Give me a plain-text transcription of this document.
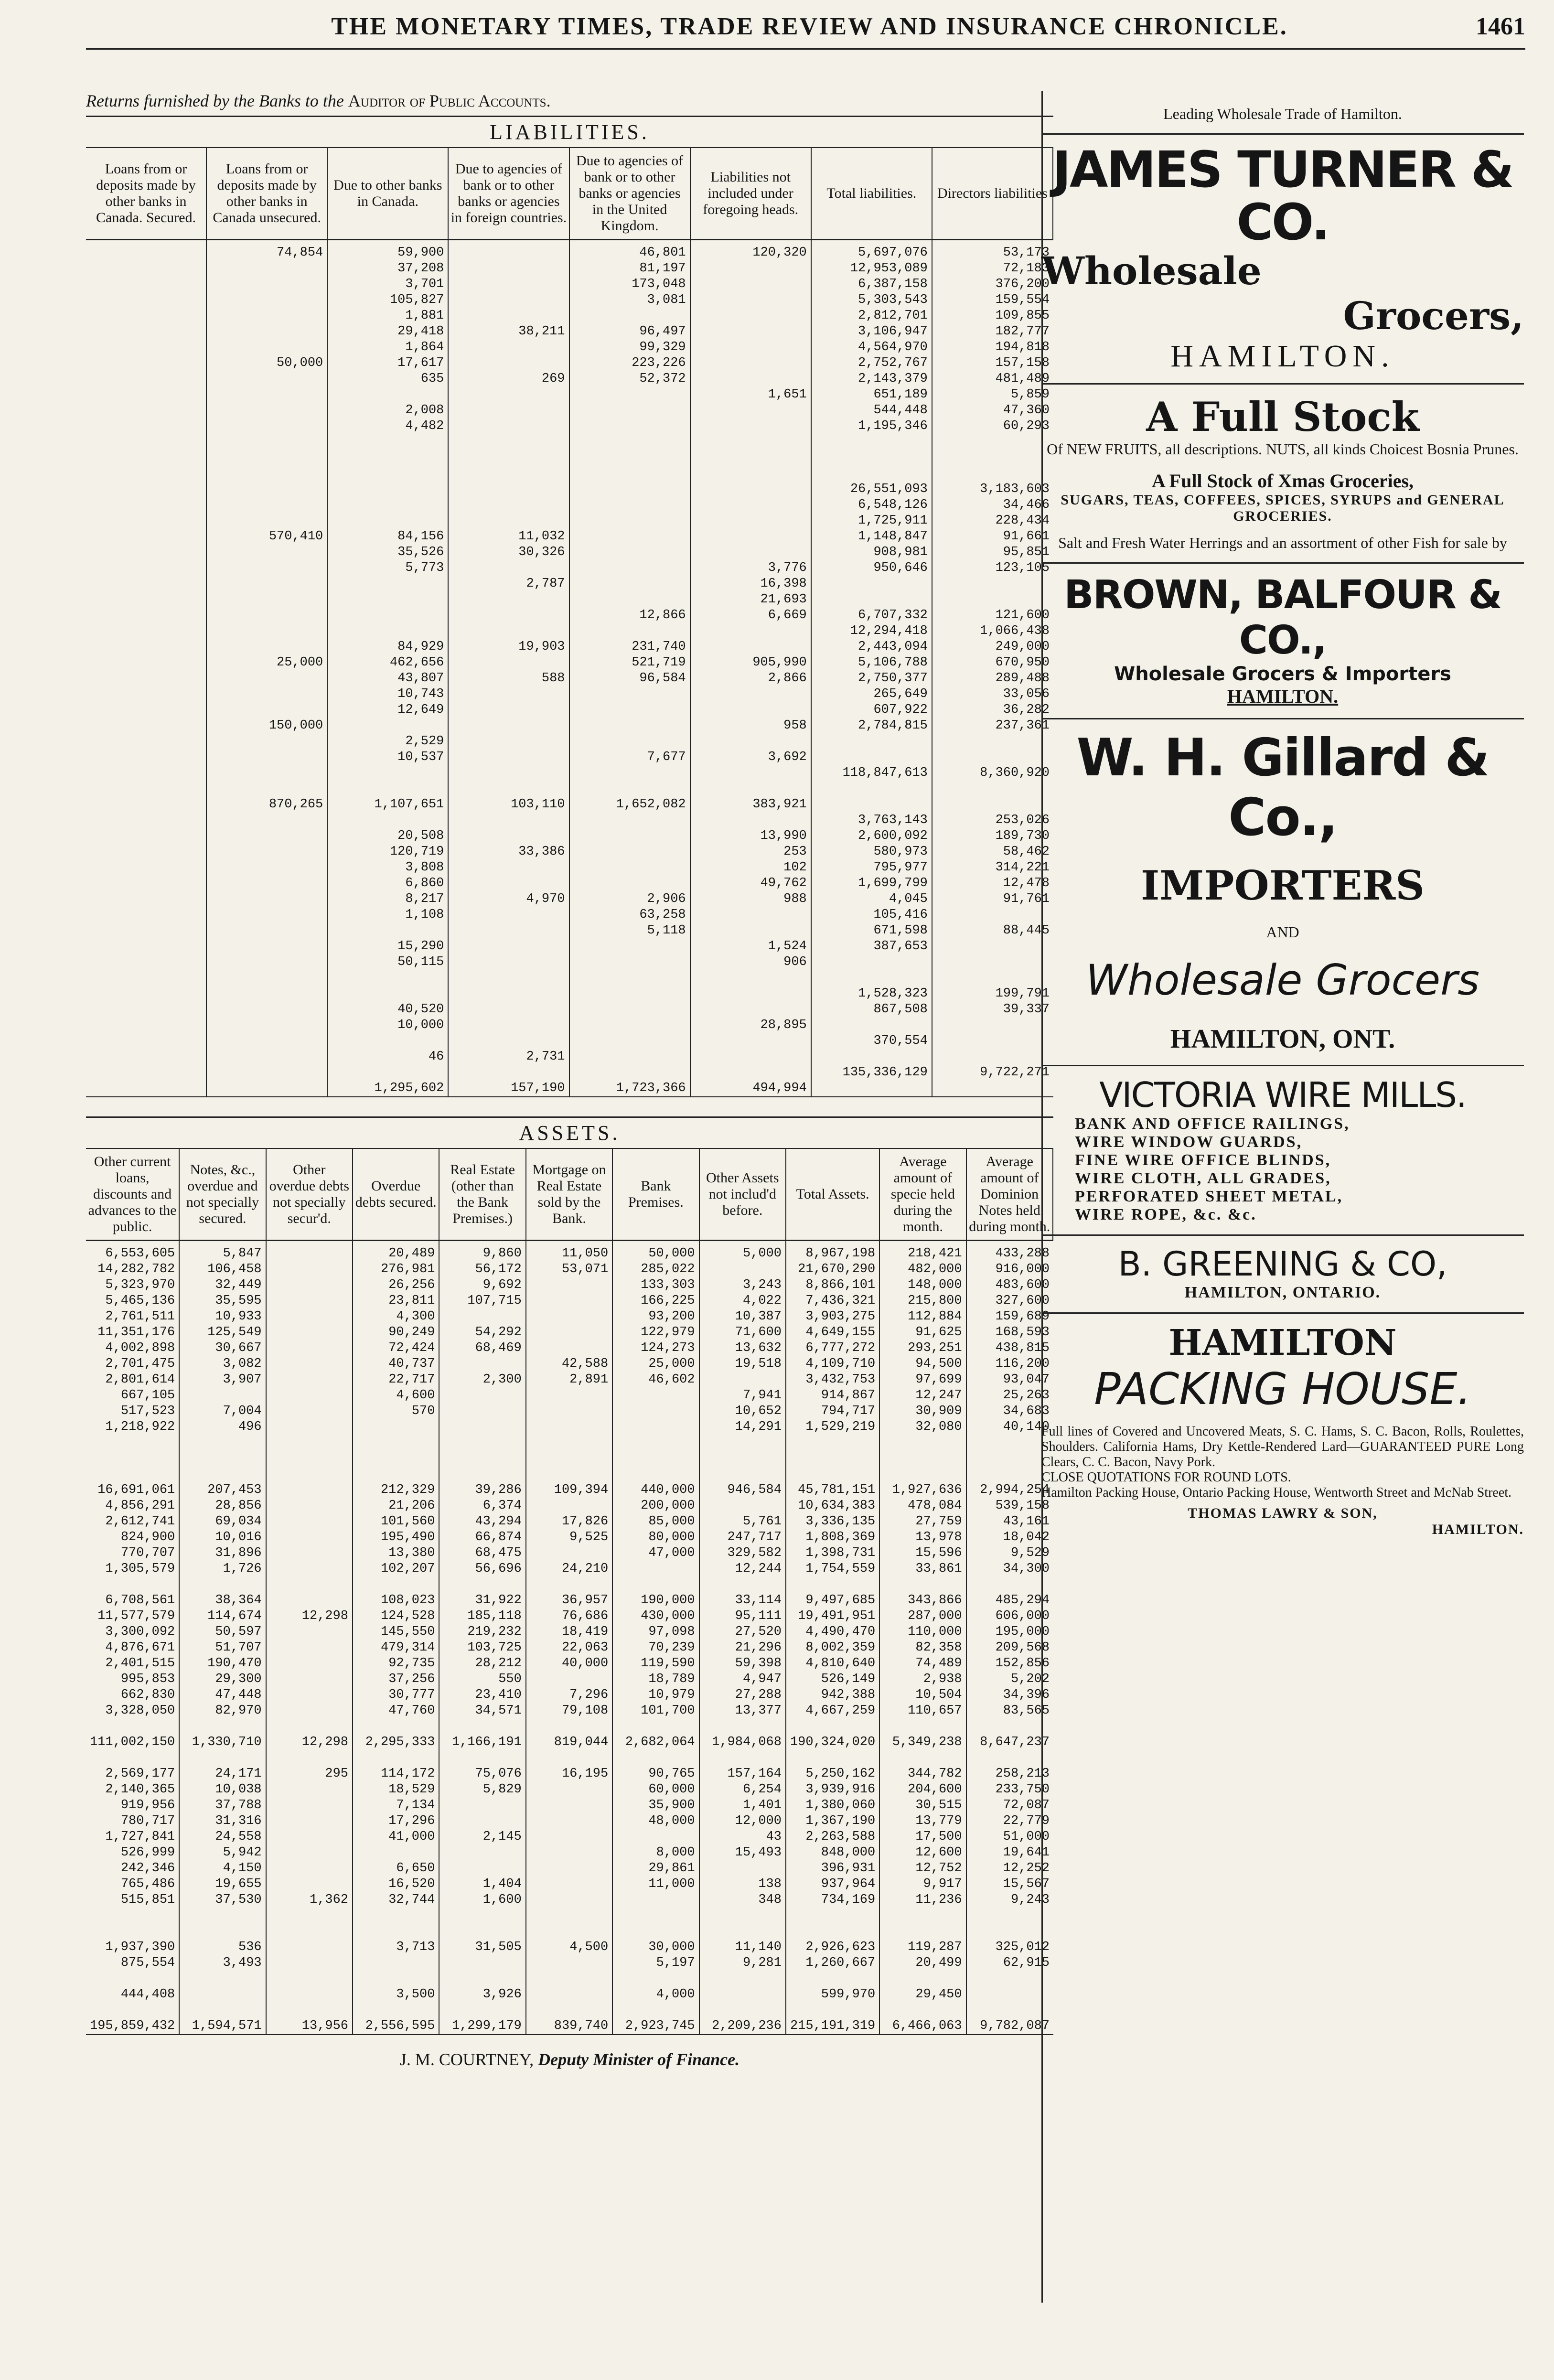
THE MONETARY TIMES, TRADE REVIEW AND INSURANCE CHRONICLE.	1461
Returns furnished by the Banks to the Auditor of Public Accounts.
LIABILITIES.
Loans from or deposits made by other banks in Canada. Secured.
Loans from or deposits made by other banks in Canada unsecured.
Due to other banks in Canada.
Due to agencies of bank or to other banks or agencies in foreign countries.
Due to agencies of bank or to other banks or agencies in the United Kingdom.
Liabilities not included under foregoing heads.
Total liabilities.	Directors liabilities
74,854
50,000
570,410
25,000
150,000
870,265
59,900
37,208
3,701
105,827
1,881
29,418
1,864
17,617
635
2,008
4,482
84,156
35,526
5,773
84,929
462,656
43,807
10,743
12,649
2,529
10,537
1,107,651
20,508
120,719
3,808
6,860
8,217
1,108
15,290
50,115
40,520
10,000
46
1,295,602
38,211
269
11,032
30,326
2,787
19,903
588
103,110
33,386
4,970
2,731
157,190
46,801
81,197
173,048
3,081
96,497
99,329
223,226
52,372
12,866
231,740
521,719
96,584
7,677
1,652,082
2,906
63,258
5,118
1,723,366
120,320
1,651
3,776
16,398
21,693
6,669
905,990
2,866
958
3,692
383,921
13,990
253
102
49,762
988
1,524
906
28,895
494,994
5,697,076
12,953,089
6,387,158
5,303,543
2,812,701
3,106,947
4,564,970
2,752,767
2,143,379
651,189
544,448
1,195,346
26,551,093
6,548,126
1,725,911
1,148,847
908,981
950,646
6,707,332
12,294,418
2,443,094
5,106,788
2,750,377
265,649
607,922
2,784,815
118,847,613
3,763,143
2,600,092
580,973
795,977
1,699,799
4,045
105,416
671,598
387,653
1,528,323
867,508
370,554
135,336,129
53,173
72,183
376,200
159,554
109,855
182,777
194,818
157,158
481,489
5,859
47,360
60,293
3,183,603
34,466
228,434
91,661
95,851
123,105
121,600
1,066,438
249,000
670,950
289,488
33,056
36,282
237,361
8,360,920
253,026
189,730
58,462
314,221
12,478
91,761
88,445
199,791
39,337
9,722,271
ASSETS.
Other current loans, discounts and advances to the public.
Notes, &c., overdue and not specially secured.
Other overdue debts not specially secur'd.
Overdue debts secured.
Real Estate (other than the Bank Premises.)
Mortgage on Real Estate sold by the Bank.
Bank Premises.
Other Assets not includ'd before.
Total Assets.
Average amount of specie held during the month.
Average amount of Dominion Notes held during month.
6,553,605
14,282,782
5,323,970
5,465,136
2,761,511
11,351,176
4,002,898
2,701,475
2,801,614
667,105
517,523
1,218,922
16,691,061
4,856,291
2,612,741
824,900
770,707
1,305,579
6,708,561
11,577,579
3,300,092
4,876,671
2,401,515
995,853
662,830
3,328,050
111,002,150
2,569,177
2,140,365
919,956
780,717
1,727,841
526,999
242,346
765,486
515,851
1,937,390
875,554
444,408
195,859,432
5,847
106,458
32,449
35,595
10,933
125,549
30,667
3,082
3,907
7,004
496
207,453
28,856
69,034
10,016
31,896
1,726
38,364
114,674
50,597
51,707
190,470
29,300
47,448
82,970
1,330,710
24,171
10,038
37,788
31,316
24,558
5,942
4,150
19,655
37,530
536
3,493
1,594,571
12,298
12,298
295
1,362
13,956
20,489
276,981
26,256
23,811
4,300
90,249
72,424
40,737
22,717
4,600
570
212,329
21,206
101,560
195,490
13,380
102,207
108,023
124,528
145,550
479,314
92,735
37,256
30,777
47,760
2,295,333
114,172
18,529
7,134
17,296
41,000
6,650
16,520
32,744
3,713
3,500
2,556,595
9,860
56,172
9,692
107,715
54,292
68,469
2,300
39,286
6,374
43,294
66,874
68,475
56,696
31,922
185,118
219,232
103,725
28,212
550
23,410
34,571
1,166,191
75,076
5,829
2,145
1,404
1,600
31,505
3,926
1,299,179
11,050
53,071
42,588
2,891
109,394
17,826
9,525
24,210
36,957
76,686
18,419
22,063
40,000
7,296
79,108
819,044
16,195
4,500
839,740
50,000
285,022
133,303
166,225
93,200
122,979
124,273
25,000
46,602
440,000
200,000
85,000
80,000
47,000
190,000
430,000
97,098
70,239
119,590
18,789
10,979
101,700
2,682,064
90,765
60,000
35,900
48,000
8,000
29,861
11,000
30,000
5,197
4,000
2,923,745
5,000
3,243
4,022
10,387
71,600
13,632
19,518
7,941
10,652
14,291
946,584
5,761
247,717
329,582
12,244
33,114
95,111
27,520
21,296
59,398
4,947
27,288
13,377
1,984,068
157,164
6,254
1,401
12,000
43
15,493
138
348
11,140
9,281
2,209,236
8,967,198
21,670,290
8,866,101
7,436,321
3,903,275
4,649,155
6,777,272
4,109,710
3,432,753
914,867
794,717
1,529,219
45,781,151
10,634,383
3,336,135
1,808,369
1,398,731
1,754,559
9,497,685
19,491,951
4,490,470
8,002,359
4,810,640
526,149
942,388
4,667,259
190,324,020
5,250,162
3,939,916
1,380,060
1,367,190
2,263,588
848,000
396,931
937,964
734,169
2,926,623
1,260,667
599,970
215,191,319
218,421
482,000
148,000
215,800
112,884
91,625
293,251
94,500
97,699
12,247
30,909
32,080
1,927,636
478,084
27,759
13,978
15,596
33,861
343,866
287,000
110,000
82,358
74,489
2,938
10,504
110,657
5,349,238
344,782
204,600
30,515
13,779
17,500
12,600
12,752
9,917
11,236
119,287
20,499
29,450
6,466,063
433,288
916,000
483,600
327,600
159,689
168,593
438,815
116,200
93,047
25,263
34,683
40,140
2,994,254
539,158
43,161
18,042
9,529
34,300
485,294
606,000
195,000
209,568
152,856
5,202
34,396
83,565
8,647,237
258,213
233,750
72,087
22,779
51,000
19,641
12,252
15,567
9,243
325,012
62,915
9,782,087
J. M. COURTNEY, Deputy Minister of Finance.
Leading Wholesale Trade of Hamilton.
JAMES TURNER & CO.
Wholesale
Grocers,
HAMILTON.
A Full Stock
Of NEW FRUITS, all descriptions. NUTS, all kinds Choicest Bosnia Prunes.
A Full Stock of Xmas Groceries,
SUGARS, TEAS, COFFEES, SPICES, SYRUPS and GENERAL GROCERIES.
Salt and Fresh Water Herrings and an assortment of other Fish for sale by
BROWN, BALFOUR & CO.,
Wholesale Grocers & Importers
HAMILTON.
W. H. Gillard & Co.,
IMPORTERS
AND
Wholesale Grocers
HAMILTON, ONT.
VICTORIA WIRE MILLS.
BANK AND OFFICE RAILINGS,
WIRE WINDOW GUARDS,
FINE WIRE OFFICE BLINDS,
WIRE CLOTH, ALL GRADES,
PERFORATED SHEET METAL,
WIRE ROPE, &c. &c.
B. GREENING & CO,
HAMILTON, ONTARIO.
HAMILTON
PACKING HOUSE.
Full lines of Covered and Uncovered Meats, S. C. Hams, S. C. Bacon, Rolls, Roulettes, Shoulders. California Hams, Dry Kettle-Rendered Lard—GUARANTEED PURE Long Clears, C. C. Bacon, Navy Pork.
CLOSE QUOTATIONS FOR ROUND LOTS.
Hamilton Packing House, Ontario Packing House, Wentworth Street and McNab Street.
THOMAS LAWRY & SON,
HAMILTON.
